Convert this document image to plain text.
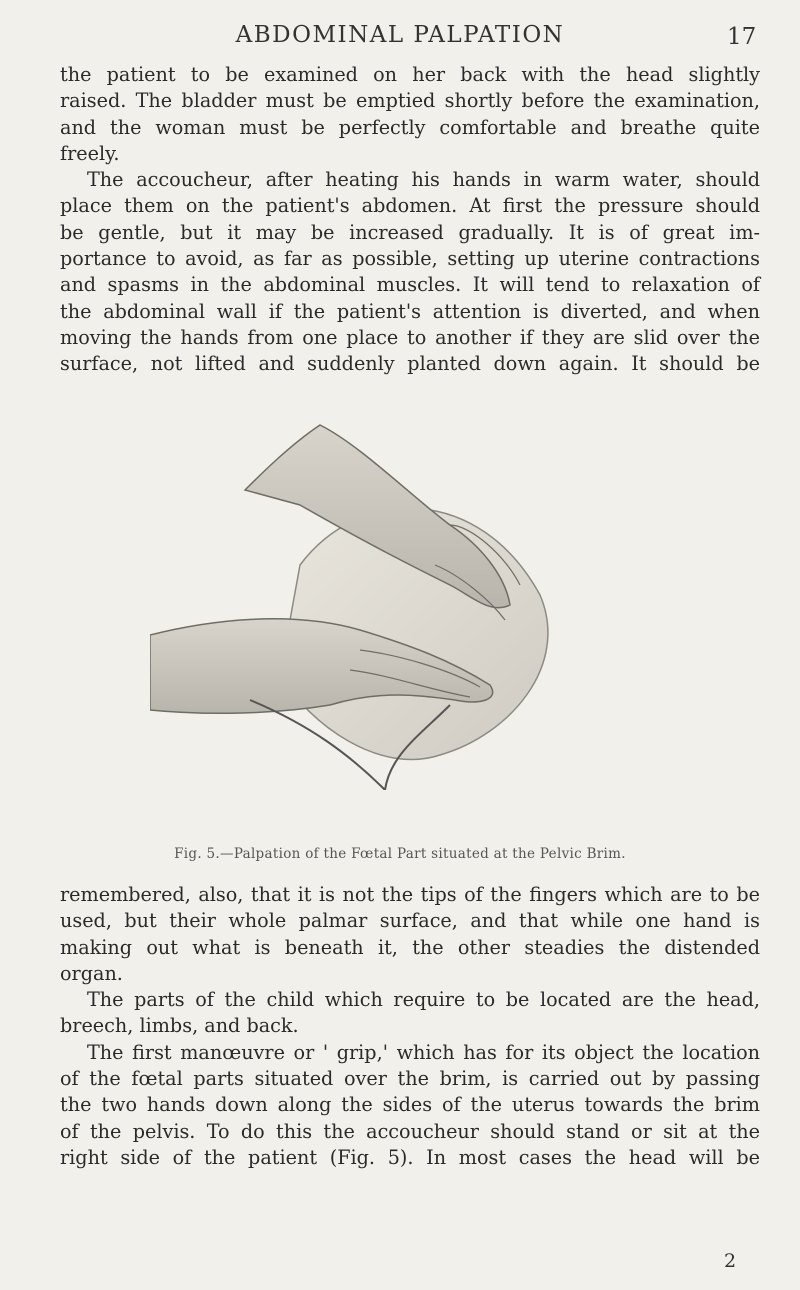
ABDOMINAL PALPATION	17
the patient to be examined on her back with the head slightly
raised. The bladder must be emptied shortly before the examination,
and the woman must be perfectly comfortable and breathe quite
freely.
The accoucheur, after heating his hands in warm water, should
place them on the patient's abdomen. At first the pressure should
be gentle, but it may be increased gradually. It is of great im-
portance to avoid, as far as possible, setting up uterine contractions
and spasms in the abdominal muscles. It will tend to relaxation of
the abdominal wall if the patient's attention is diverted, and when
moving the hands from one place to another if they are slid over the
surface, not lifted and suddenly planted down again. It should be
Fig. 5.—Palpation of the Fœtal Part situated at the Pelvic Brim.
remembered, also, that it is not the tips of the fingers which are to be
used, but their whole palmar surface, and that while one hand is
making out what is beneath it, the other steadies the distended
organ.
The parts of the child which require to be located are the head,
breech, limbs, and back.
The first manœuvre or ' grip,' which has for its object the location
of the fœtal parts situated over the brim, is carried out by passing
the two hands down along the sides of the uterus towards the brim
of the pelvis. To do this the accoucheur should stand or sit at the
right side of the patient (Fig. 5). In most cases the head will be
2
